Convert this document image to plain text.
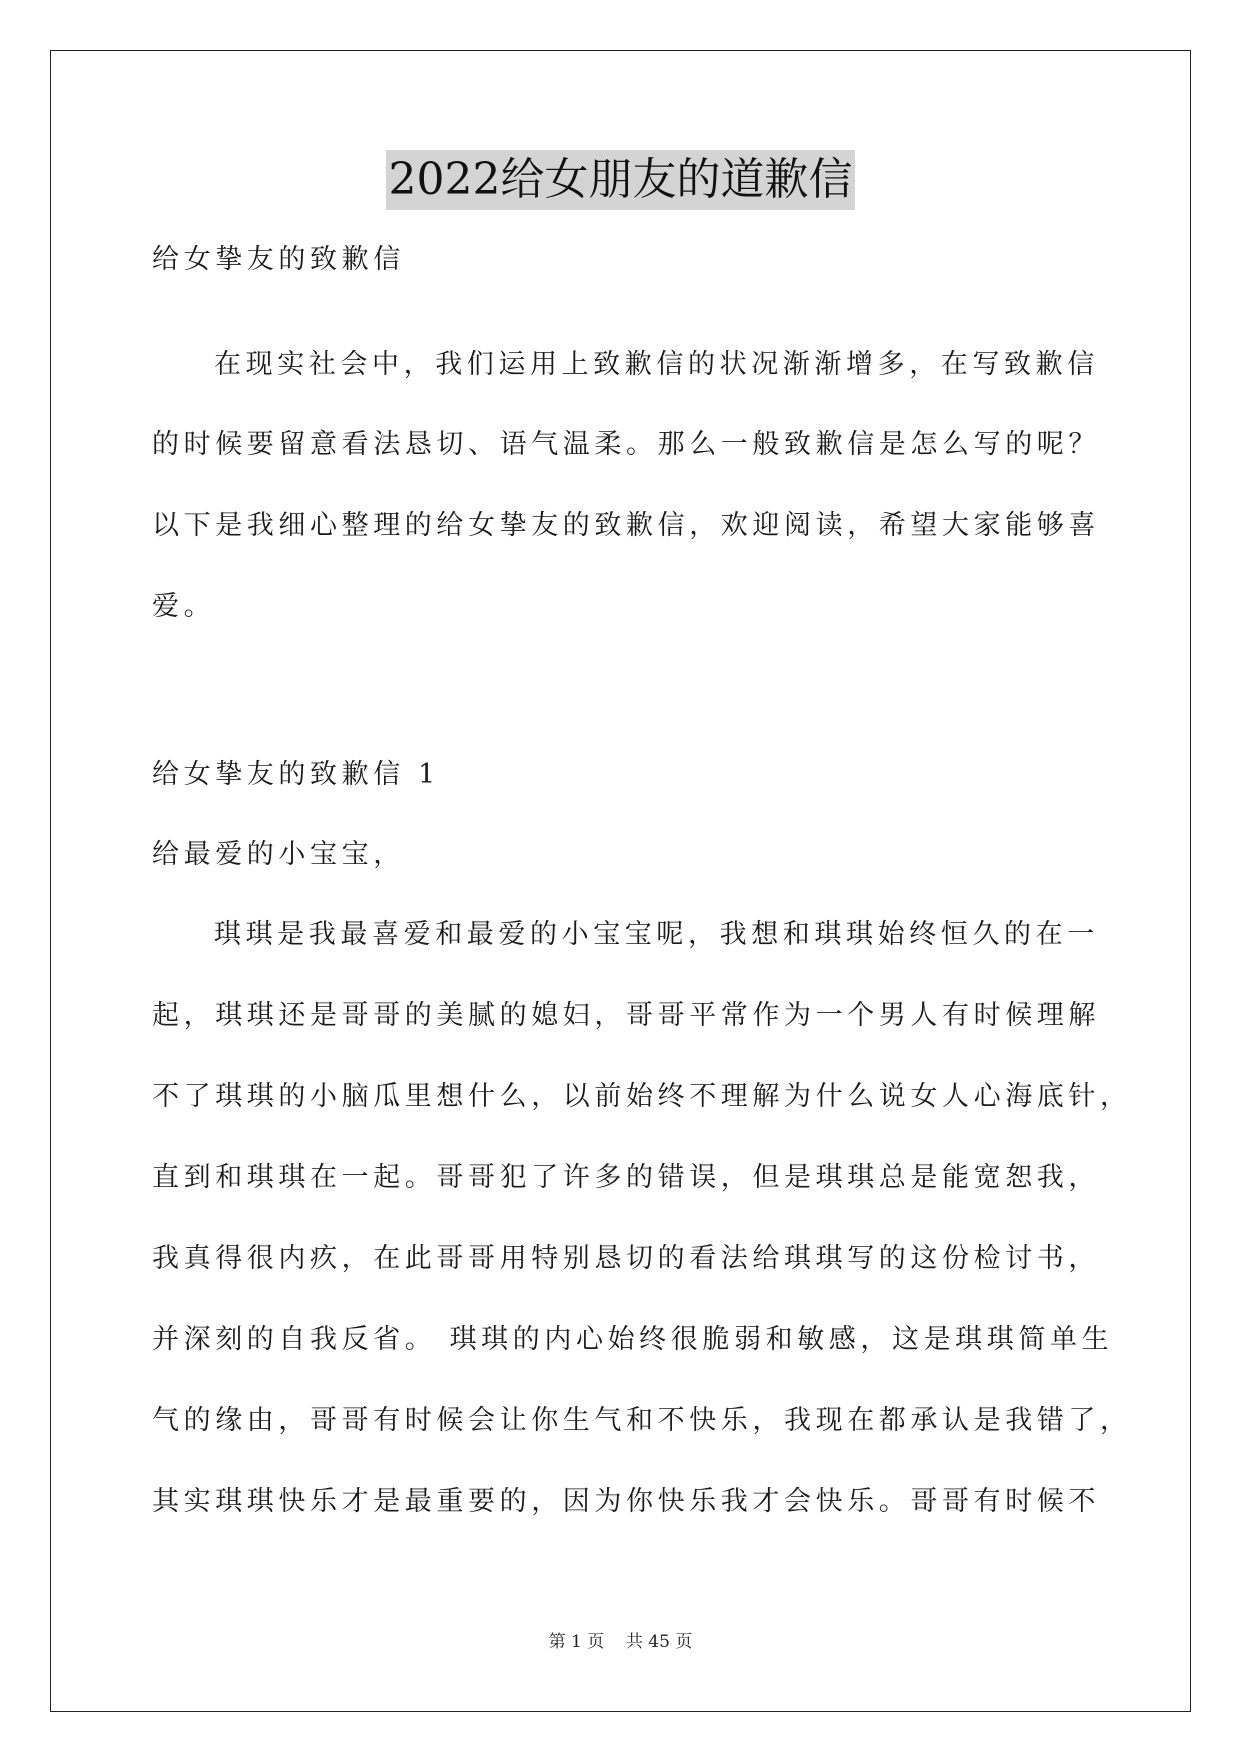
2022给女朋友的道歉信
给女挚友的致歉信
在现实社会中，我们运用上致歉信的状况渐渐增多，在写致歉信
的时候要留意看法恳切、语气温柔。那么一般致歉信是怎么写的呢？
以下是我细心整理的给女挚友的致歉信，欢迎阅读，希望大家能够喜
爱。
给女挚友的致歉信 1
给最爱的小宝宝，
琪琪是我最喜爱和最爱的小宝宝呢，我想和琪琪始终恒久的在一
起，琪琪还是哥哥的美腻的媳妇，哥哥平常作为一个男人有时候理解
不了琪琪的小脑瓜里想什么，以前始终不理解为什么说女人心海底针，
直到和琪琪在一起。哥哥犯了许多的错误，但是琪琪总是能宽恕我，
我真得很内疚，在此哥哥用特别恳切的看法给琪琪写的这份检讨书，
并深刻的自我反省。 琪琪的内心始终很脆弱和敏感，这是琪琪简单生
气的缘由，哥哥有时候会让你生气和不快乐，我现在都承认是我错了，
其实琪琪快乐才是最重要的，因为你快乐我才会快乐。哥哥有时候不
第 1 页    共 45 页
